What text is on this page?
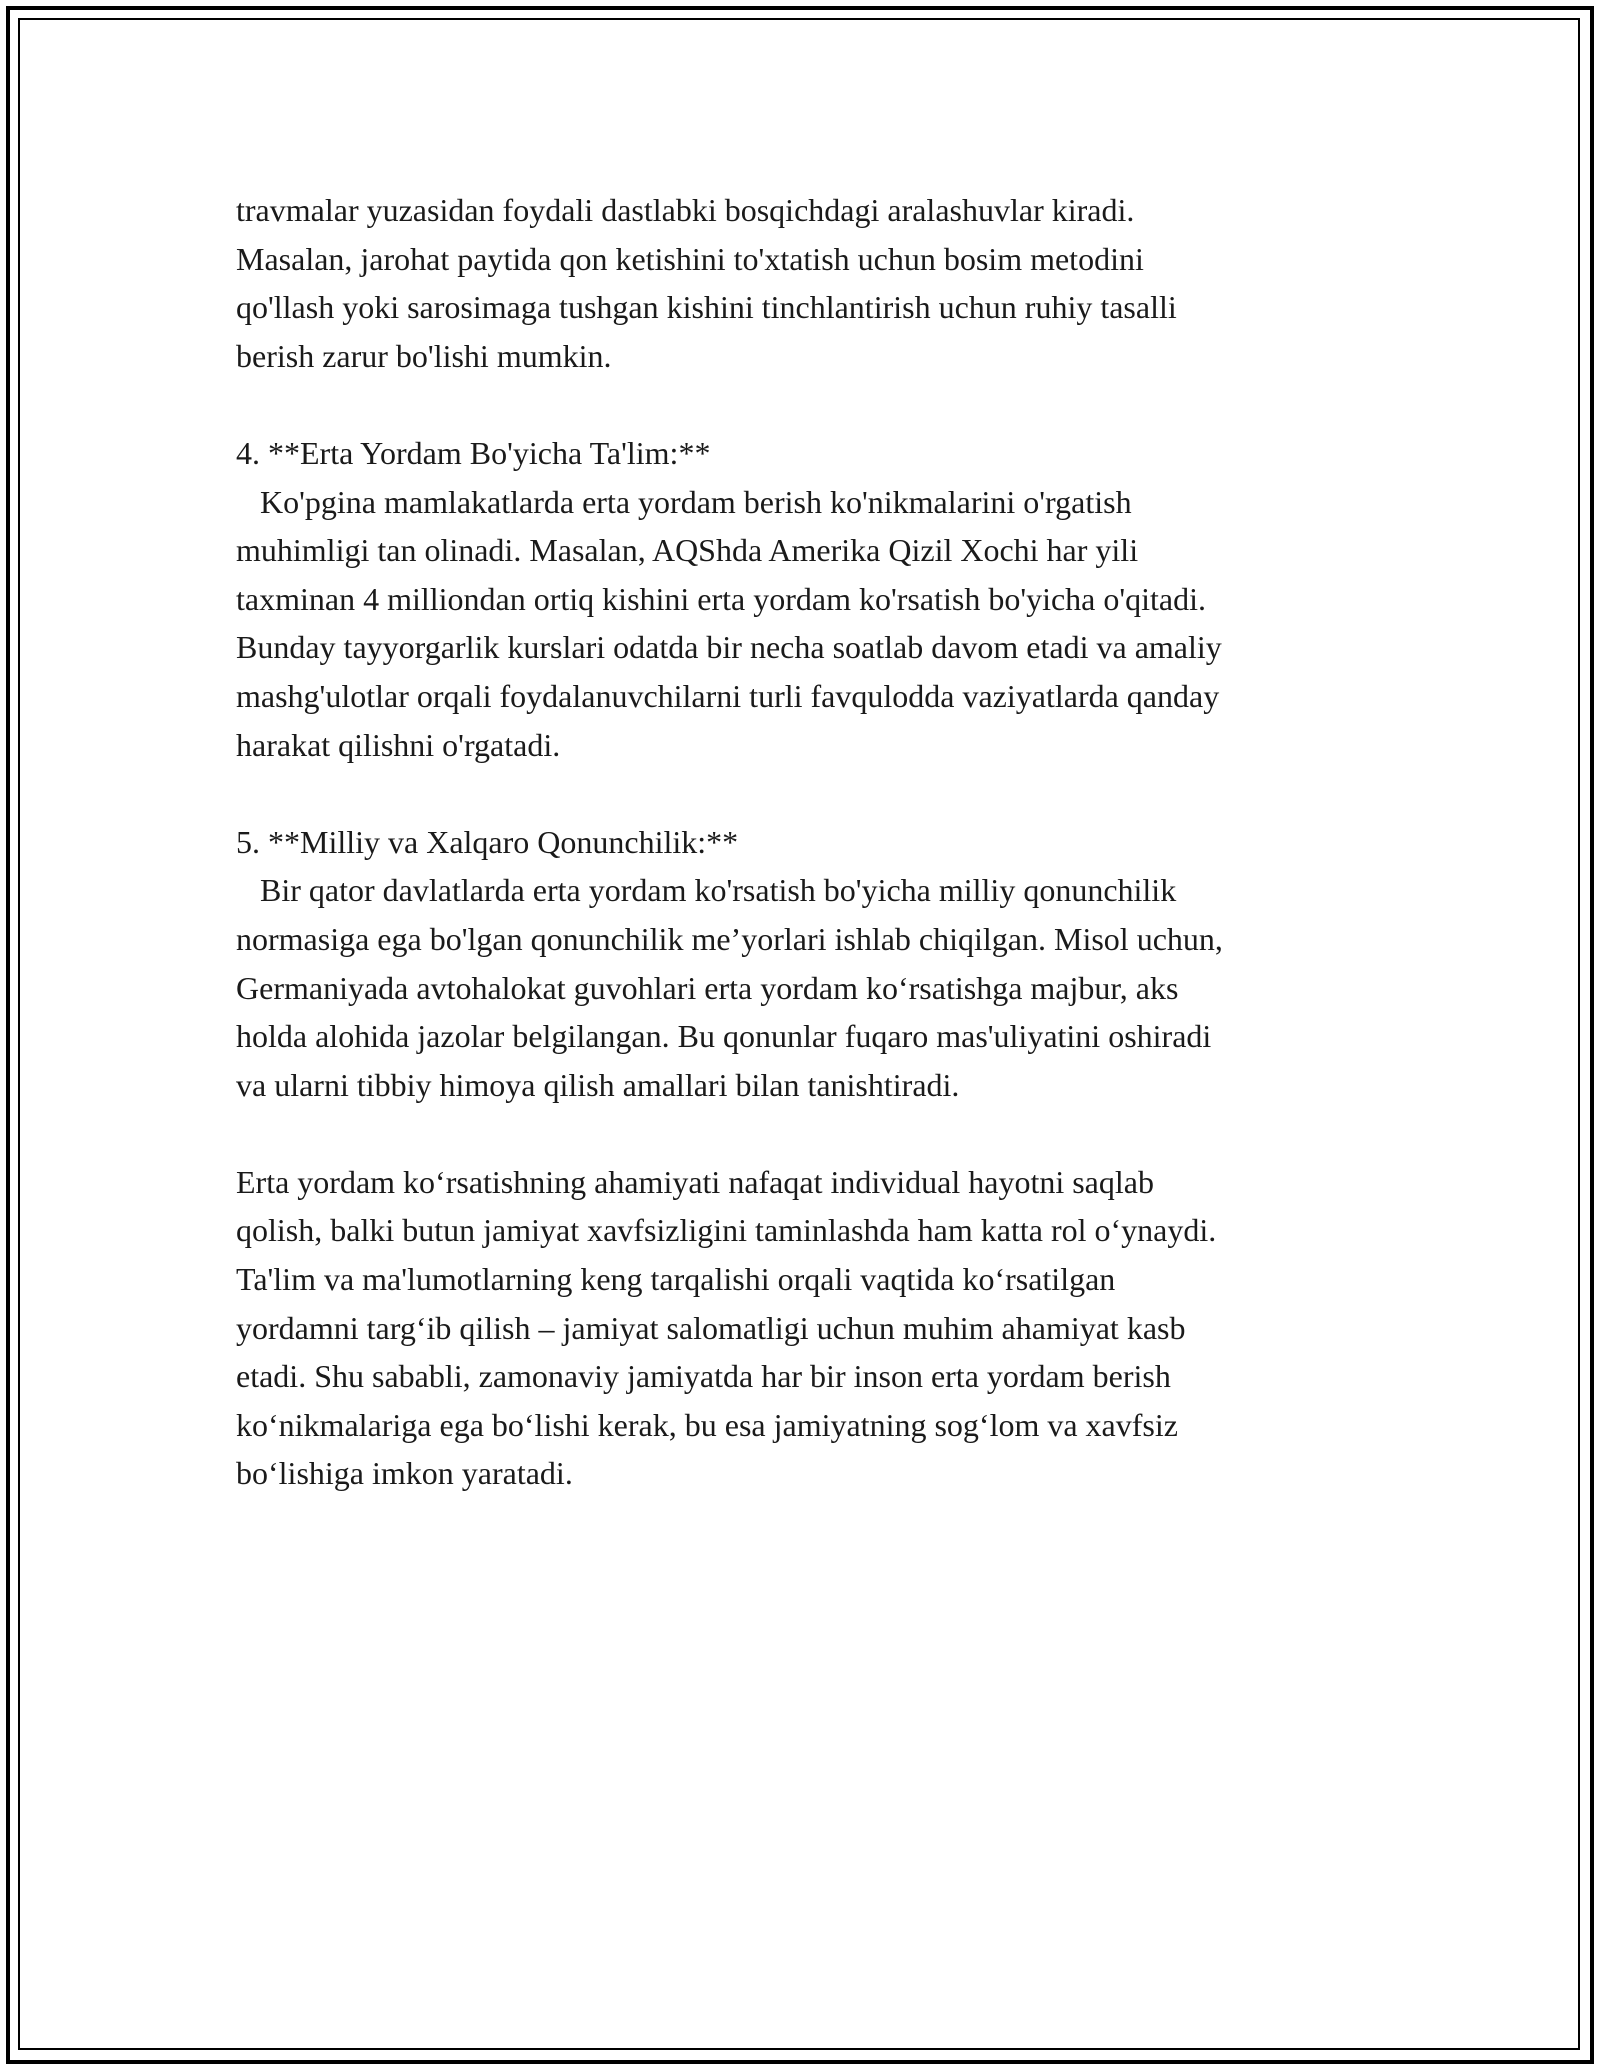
travmalar yuzasidan foydali dastlabki bosqichdagi aralashuvlar kiradi.
Masalan, jarohat paytida qon ketishini to'xtatish uchun bosim metodini
qo'llash yoki sarosimaga tushgan kishini tinchlantirish uchun ruhiy tasalli
berish zarur bo'lishi mumkin.
4. **Erta Yordam Bo'yicha Ta'lim:**
Ko'pgina mamlakatlarda erta yordam berish ko'nikmalarini o'rgatish
muhimligi tan olinadi. Masalan, AQShda Amerika Qizil Xochi har yili
taxminan 4 milliondan ortiq kishini erta yordam ko'rsatish bo'yicha o'qitadi.
Bunday tayyorgarlik kurslari odatda bir necha soatlab davom etadi va amaliy
mashg'ulotlar orqali foydalanuvchilarni turli favqulodda vaziyatlarda qanday
harakat qilishni o'rgatadi.
5. **Milliy va Xalqaro Qonunchilik:**
Bir qator davlatlarda erta yordam ko'rsatish bo'yicha milliy qonunchilik
normasiga ega bo'lgan qonunchilik me’yorlari ishlab chiqilgan. Misol uchun,
Germaniyada avtohalokat guvohlari erta yordam ko‘rsatishga majbur, aks
holda alohida jazolar belgilangan. Bu qonunlar fuqaro mas'uliyatini oshiradi
va ularni tibbiy himoya qilish amallari bilan tanishtiradi.
Erta yordam ko‘rsatishning ahamiyati nafaqat individual hayotni saqlab
qolish, balki butun jamiyat xavfsizligini taminlashda ham katta rol o‘ynaydi.
Ta'lim va ma'lumotlarning keng tarqalishi orqali vaqtida ko‘rsatilgan
yordamni targ‘ib qilish – jamiyat salomatligi uchun muhim ahamiyat kasb
etadi. Shu sababli, zamonaviy jamiyatda har bir inson erta yordam berish
ko‘nikmalariga ega bo‘lishi kerak, bu esa jamiyatning sog‘lom va xavfsiz
bo‘lishiga imkon yaratadi.
